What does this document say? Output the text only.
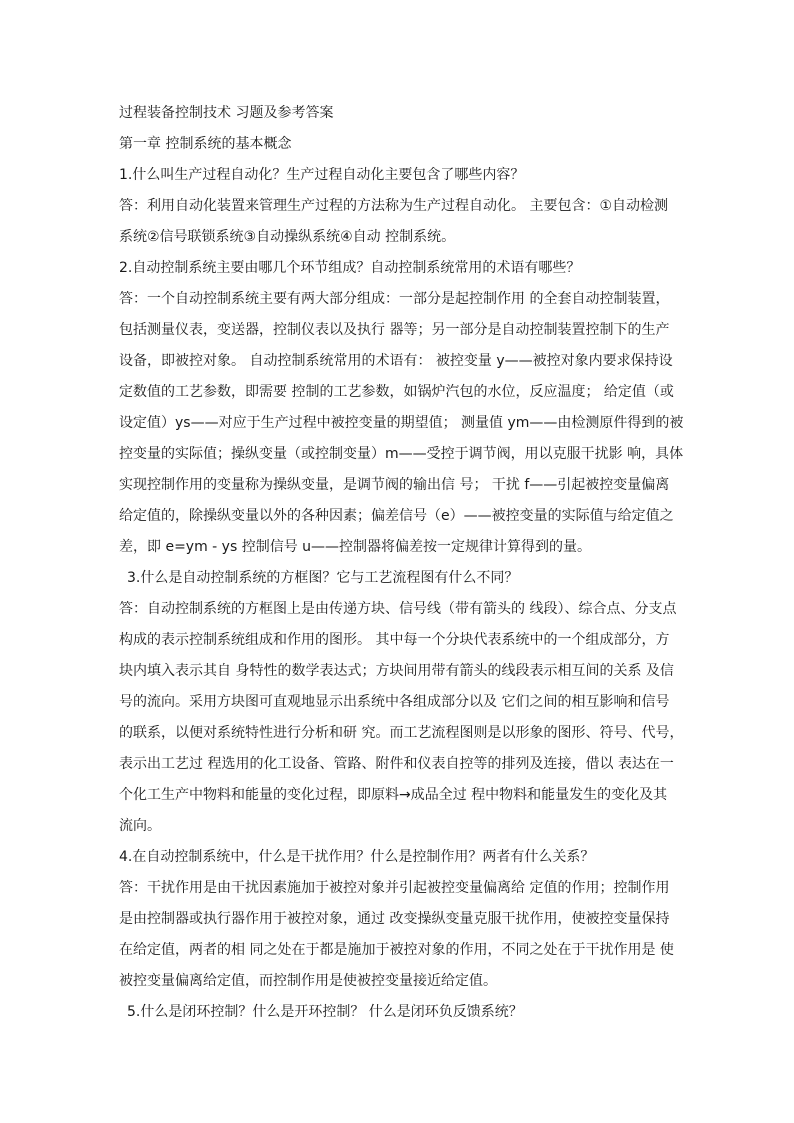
过程装备控制技术 习题及参考答案
第一章 控制系统的基本概念
1.什么叫生产过程自动化？生产过程自动化主要包含了哪些内容？
答：利用自动化装置来管理生产过程的方法称为生产过程自动化。 主要包含：①自动检测
系统②信号联锁系统③自动操纵系统④自动 控制系统。
2.自动控制系统主要由哪几个环节组成？自动控制系统常用的术语有哪些？
答：一个自动控制系统主要有两大部分组成：一部分是起控制作用 的全套自动控制装置，
包括测量仪表，变送器，控制仪表以及执行 器等；另一部分是自动控制装置控制下的生产
设备，即被控对象。 自动控制系统常用的术语有： 被控变量 y——被控对象内要求保持设
定数值的工艺参数，即需要 控制的工艺参数，如锅炉汽包的水位，反应温度； 给定值（或
设定值）ys——对应于生产过程中被控变量的期望值； 测量值 ym——由检测原件得到的被
控变量的实际值；操纵变量（或控制变量）m——受控于调节阀，用以克服干扰影 响，具体
实现控制作用的变量称为操纵变量，是调节阀的输出信 号； 干扰 f——引起被控变量偏离
给定值的，除操纵变量以外的各种因素；偏差信号（e）——被控变量的实际值与给定值之
差，即 e=ym - ys 控制信号 u——控制器将偏差按一定规律计算得到的量。
3.什么是自动控制系统的方框图？它与工艺流程图有什么不同？
答：自动控制系统的方框图上是由传递方块、信号线（带有箭头的 线段）、综合点、分支点
构成的表示控制系统组成和作用的图形。 其中每一个分块代表系统中的一个组成部分，方
块内填入表示其自 身特性的数学表达式；方块间用带有箭头的线段表示相互间的关系 及信
号的流向。采用方块图可直观地显示出系统中各组成部分以及 它们之间的相互影响和信号
的联系，以便对系统特性进行分析和研 究。而工艺流程图则是以形象的图形、符号、代号，
表示出工艺过 程选用的化工设备、管路、附件和仪表自控等的排列及连接，借以 表达在一
个化工生产中物料和能量的变化过程，即原料→成品全过 程中物料和能量发生的变化及其
流向。
4.在自动控制系统中，什么是干扰作用？什么是控制作用？两者有什么关系？
答：干扰作用是由干扰因素施加于被控对象并引起被控变量偏离给 定值的作用；控制作用
是由控制器或执行器作用于被控对象，通过 改变操纵变量克服干扰作用，使被控变量保持
在给定值，两者的相 同之处在于都是施加于被控对象的作用，不同之处在于干扰作用是 使
被控变量偏离给定值，而控制作用是使被控变量接近给定值。
5.什么是闭环控制？什么是开环控制？ 什么是闭环负反馈系统？
